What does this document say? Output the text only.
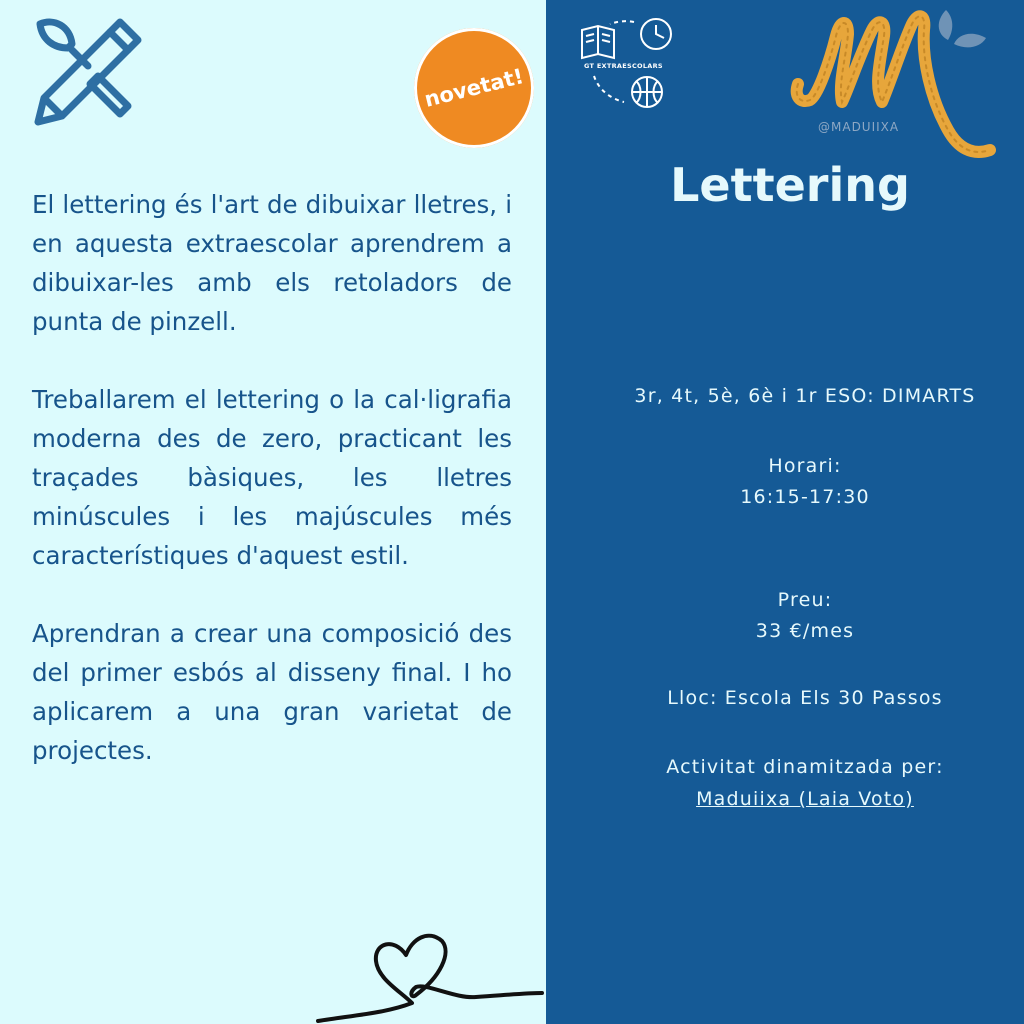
novetat!

El lettering és l'art de dibuixar lletres, i en aquesta extraescolar aprendrem a dibuixar-les amb els retoladors de punta de pinzell.

Treballarem el lettering o la cal·ligrafia moderna des de zero, practicant les traçades bàsiques, les lletres minúscules i les majúscules més característiques d'aquest estil.

Aprendran a crear una composició des del primer esbós al disseny final. I ho aplicarem a una gran varietat de projectes.

GT EXTRAESCOLARS
@MADUIIXA
Lettering
3r, 4t, 5è, 6è i 1r ESO: DIMARTS
Horari:
16:15-17:30
Preu:
33 €/mes
Lloc: Escola Els 30 Passos
Activitat dinamitzada per:
Maduiixa (Laia Voto)
